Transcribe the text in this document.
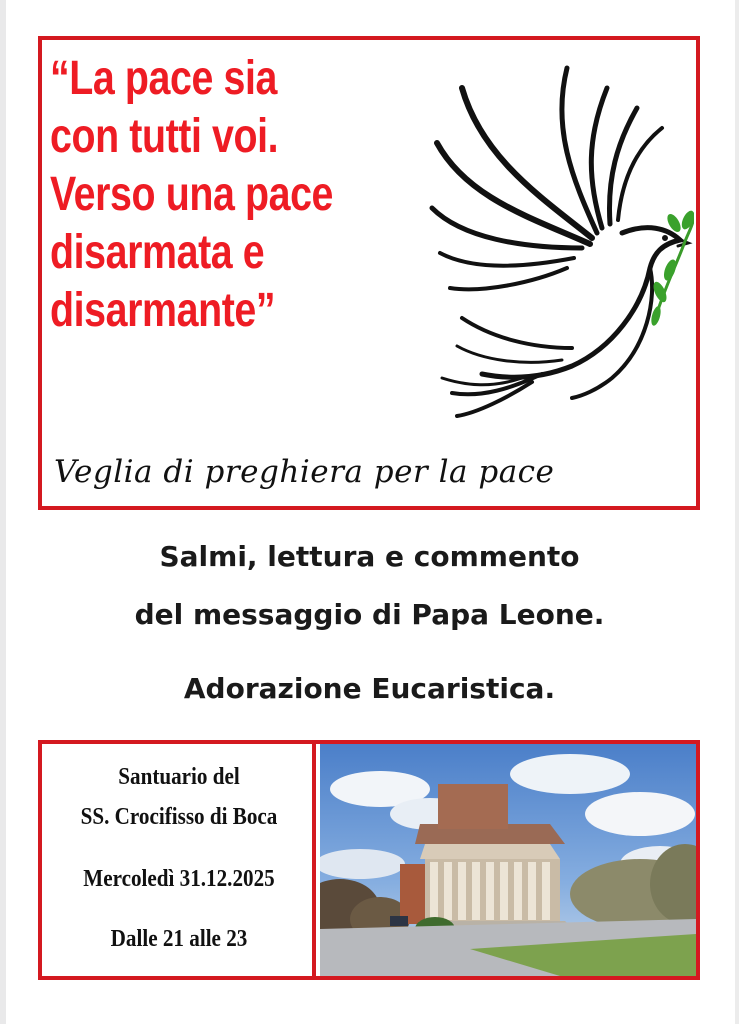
“La pace sia
con tutti voi.
Verso una pace
disarmata e
disarmante”
Veglia di preghiera per la pace
Salmi, lettura e commento
del messaggio di Papa Leone.
Adorazione Eucaristica.
Santuario del
SS. Crocifisso di Boca
Mercoledì 31.12.2025
Dalle 21 alle 23
